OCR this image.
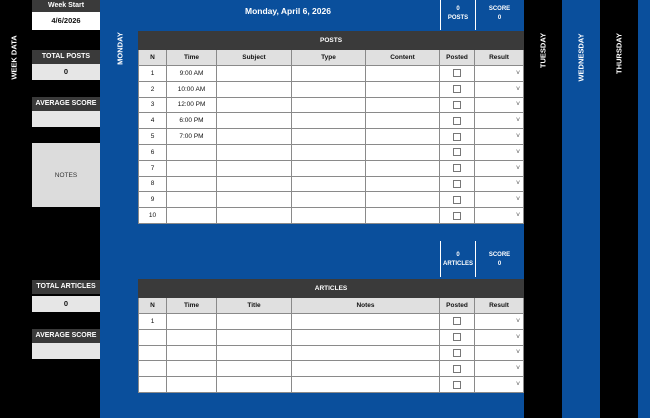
WEEK DATA
Week Start
4/6/2026
TOTAL POSTS
0
AVERAGE SCORE
NOTES
TOTAL ARTICLES
0
AVERAGE SCORE
MONDAY
Monday, April 6, 2026	0
POSTS
SCORE
0
POSTS						
N	Time	Subject	Type	Content	Posted	Result
1	9:00 AM					˅

2	10:00 AM					˅

3	12:00 PM					˅

4	6:00 PM					˅

5	7:00 PM					˅

6						˅

7						˅

8						˅

9						˅

10						˅
0
ARTICLES
SCORE
0
ARTICLES					
N	Time	Title	Notes	Posted	Result
1					˅

					˅

					˅

					˅

					˅
TUESDAY	WEDNESDAY	THURSDAY
